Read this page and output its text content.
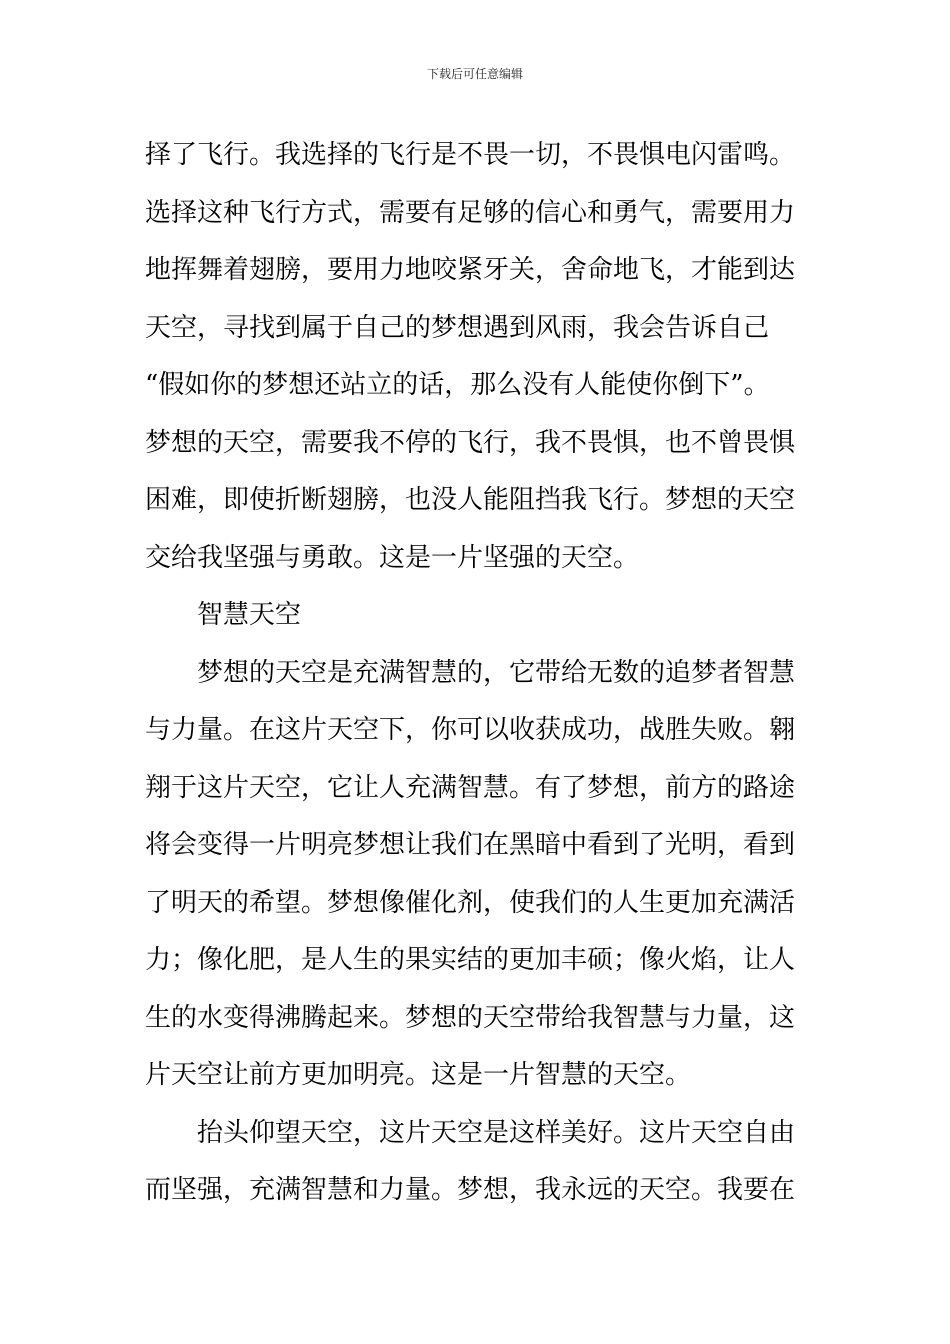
下载后可任意编辑
择了飞行。我选择的飞行是不畏一切，不畏惧电闪雷鸣。
选择这种飞行方式，需要有足够的信心和勇气，需要用力
地挥舞着翅膀，要用力地咬紧牙关，舍命地飞，才能到达
天空，寻找到属于自己的梦想遇到风雨，我会告诉自己
“假如你的梦想还站立的话，那么没有人能使你倒下”。
梦想的天空，需要我不停的飞行，我不畏惧，也不曾畏惧
困难，即使折断翅膀，也没人能阻挡我飞行。梦想的天空
交给我坚强与勇敢。这是一片坚强的天空。
智慧天空
梦想的天空是充满智慧的，它带给无数的追梦者智慧
与力量。在这片天空下，你可以收获成功，战胜失败。翱
翔于这片天空，它让人充满智慧。有了梦想，前方的路途
将会变得一片明亮梦想让我们在黑暗中看到了光明，看到
了明天的希望。梦想像催化剂，使我们的人生更加充满活
力；像化肥，是人生的果实结的更加丰硕；像火焰，让人
生的水变得沸腾起来。梦想的天空带给我智慧与力量，这
片天空让前方更加明亮。这是一片智慧的天空。
抬头仰望天空，这片天空是这样美好。这片天空自由
而坚强，充满智慧和力量。梦想，我永远的天空。我要在
